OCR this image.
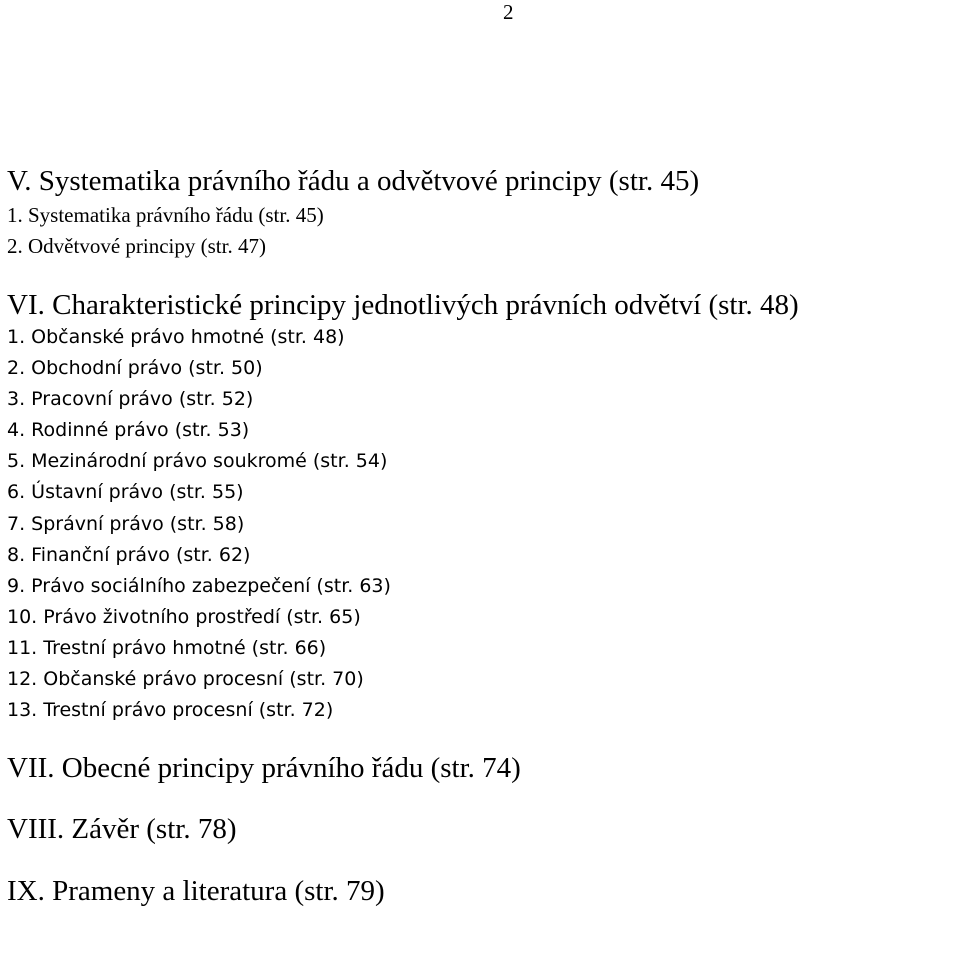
2
V. Systematika právního řádu a odvětvové principy (str. 45)
1. Systematika právního řádu (str. 45)
2. Odvětvové principy (str. 47)
VI. Charakteristické principy jednotlivých právních odvětví (str. 48)
1. Občanské právo hmotné (str. 48)
2. Obchodní právo (str. 50)
3. Pracovní právo (str. 52)
4. Rodinné právo (str. 53)
5. Mezinárodní právo soukromé (str. 54)
6. Ústavní právo (str. 55)
7. Správní právo (str. 58)
8. Finanční právo (str. 62)
9. Právo sociálního zabezpečení (str. 63)
10. Právo životního prostředí (str. 65)
11. Trestní právo hmotné (str. 66)
12. Občanské právo procesní (str. 70)
13. Trestní právo procesní (str. 72)
VII. Obecné principy právního řádu (str. 74)
VIII. Závěr (str. 78)
IX. Prameny a literatura (str. 79)
